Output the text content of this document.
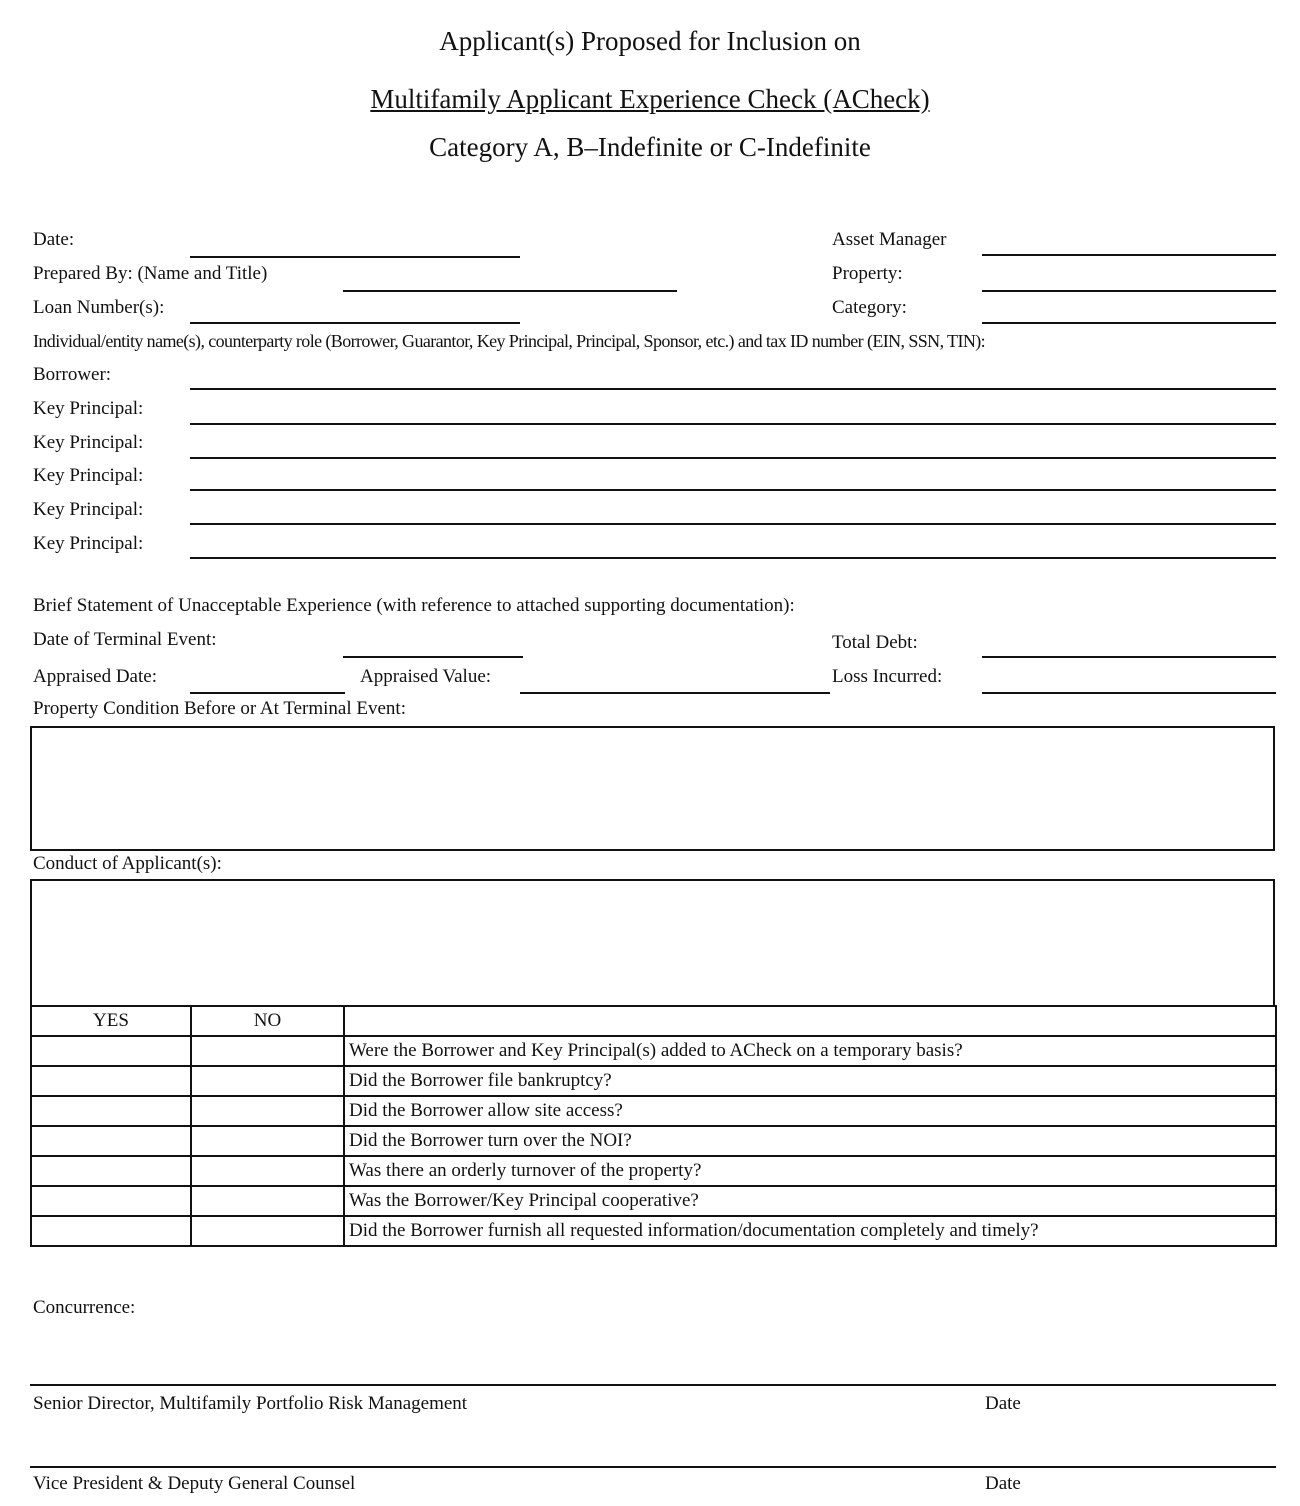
Applicant(s) Proposed for Inclusion on
Multifamily Applicant Experience Check (ACheck)
Category A, B–Indefinite or C-Indefinite
Date:
Prepared By: (Name and Title)
Loan Number(s):
Asset Manager
Property:
Category:
Individual/entity name(s), counterparty role (Borrower, Guarantor, Key Principal, Principal, Sponsor, etc.) and tax ID number (EIN, SSN, TIN):
Borrower:
Key Principal:
Key Principal:
Key Principal:
Key Principal:
Key Principal:
Brief Statement of Unacceptable Experience (with reference to attached supporting documentation):
Date of Terminal Event:	Total Debt:
Appraised Date:	Appraised Value:	Loss Incurred:
Property Condition Before or At Terminal Event:
Conduct of Applicant(s):
YES	NO	
		Were the Borrower and Key Principal(s) added to ACheck on a temporary basis?
		Did the Borrower file bankruptcy?
		Did the Borrower allow site access?
		Did the Borrower turn over the NOI?
		Was there an orderly turnover of the property?
		Was the Borrower/Key Principal cooperative?
		Did the Borrower furnish all requested information/documentation completely and timely?
Concurrence:
Senior Director, Multifamily Portfolio Risk Management	Date
Vice President & Deputy General Counsel	Date
